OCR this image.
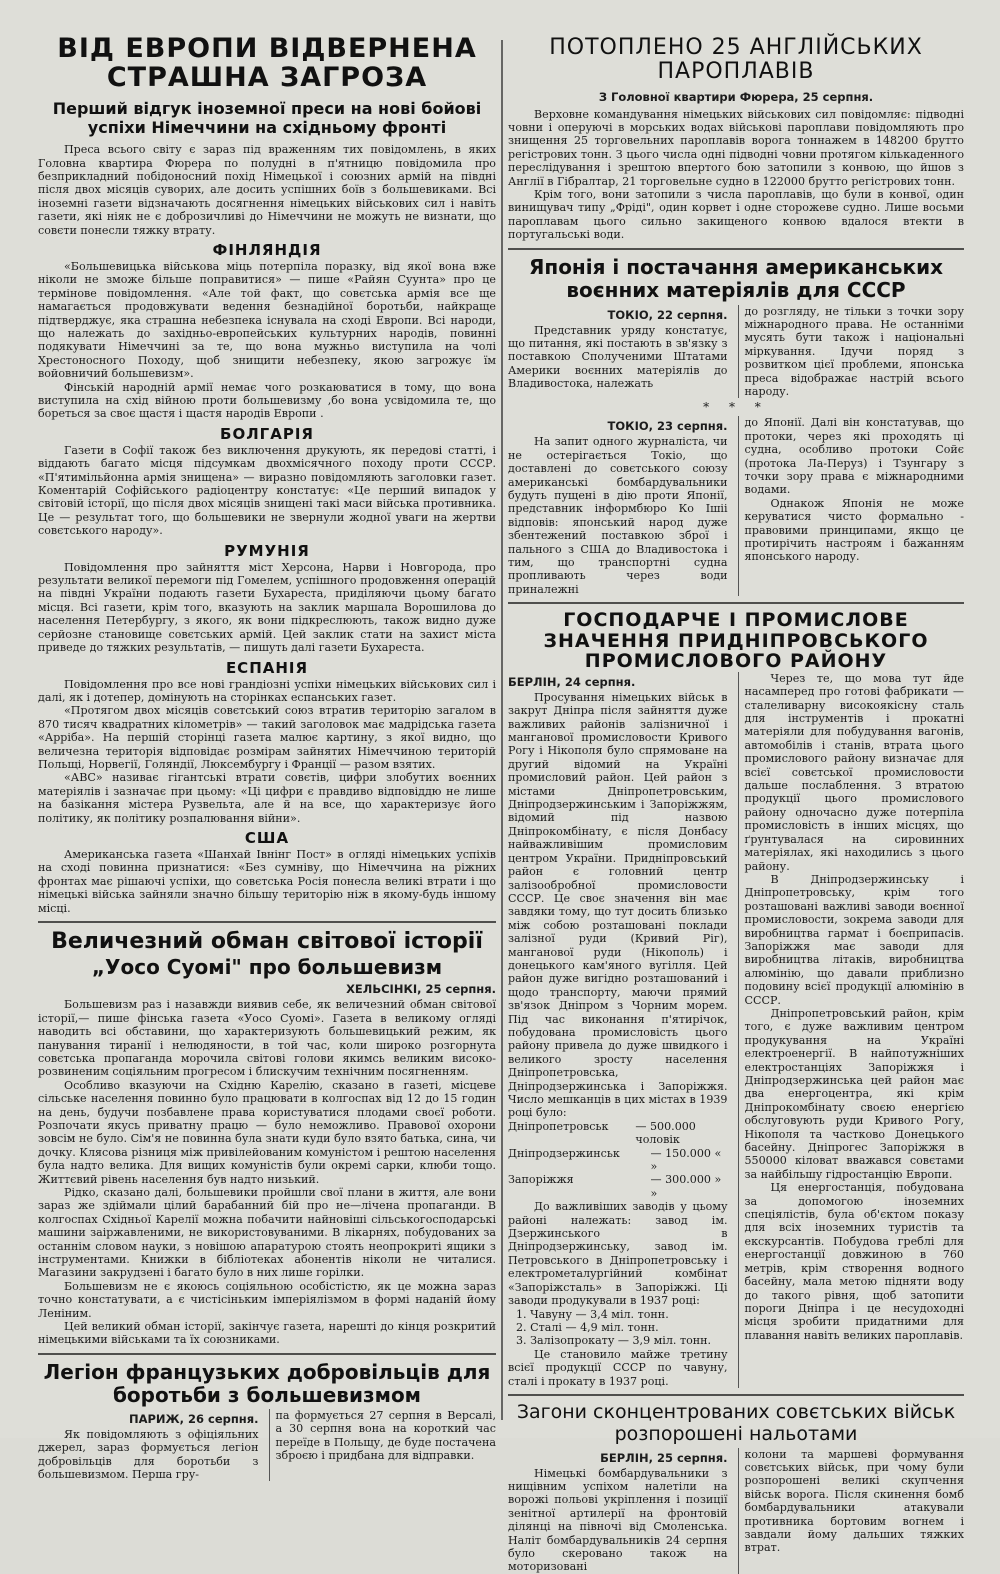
ВІД ЕВРОПИ ВІДВЕРНЕНА СТРАШНА ЗАГРОЗА
Перший відгук іноземної преси на нові бойові успіхи Німеччини на східньому фронті

Преса всього світу є зараз під враженням тих повідомлень, в яких Головна квартира Фюрера по полудні в п'ятницю повідомила про безприкладний побідоносний похід Німецької і союзних армій на півдні після двох місяців суворих, але досить успішних боїв з большевиками. Всі іноземні газети відзначають досягнення німецьких військових сил і навіть газети, які ніяк не є доброзичливі до Німеччини не можуть не визнати, що совєти понесли тяжку втрату.

ФІНЛЯНДІЯ

«Большевицька військова міць потерпіла поразку, від якої вона вже ніколи не зможе більше поправитися» — пише «Райян Суунта» про це термінове повідомлення. «Але той факт, що совєтська армія все ще намагається продовжувати ведення безнадійної боротьби, найкраще підтверджує, яка страшна небезпека існувала на сході Европи. Всі народи, що належать до західньо-европейських культурних народів, повинні подякувати Німеччині за те, що вона мужньо виступила на чолі Хрестоносного Походу, щоб знищити небезпеку, якою загрожує їм войовничий большевизм».

Фінській народній армії немає чого розкаюватися в тому, що вона виступила на схід війною проти большевизму ,бо вона усвідомила те, що бореться за своє щастя і щастя народів Европи .

БОЛГАРІЯ

Газети в Софії також без виключення друкують, як передові статті, і віддають багато місця підсумкам двохмісячного походу проти СССР. «П'ятимільйонна армія знищена» — виразно повідомляють заголовки газет. Коментарій Софійського радіоцентру констатує: «Це перший випадок у світовій історії, що після двох місяців знищені такі маси війська противника. Це — результат того, що большевики не звернули жодної уваги на жертви совєтського народу».

РУМУНІЯ

Повідомлення про зайняття міст Херсона, Нарви і Новгорода, про результати великої перемоги під Гомелем, успішного продовження операцій на півдні України подають газети Бухареста, приділяючи цьому багато місця. Всі газети, крім того, вказують на заклик маршала Ворошилова до населення Петербургу, з якого, як вони підкреслюють, також видно дуже серйозне становище совєтських армій. Цей заклик стати на захист міста приведе до тяжких результатів, — пишуть далі газети Бухареста.

ЕСПАНІЯ

Повідомлення про все нові грандіозні успіхи німецьких військових сил і далі, як і дотепер, домінують на сторінках еспанських газет.

«Протягом двох місяців совєтський союз втратив територію загалом в 870 тисяч квадратних кілометрів» — такий заголовок має мадрідська газета «Арріба». На першій сторінці газета малює картину, з якої видно, що величезна територія відповідає розмірам зайнятих Німеччиною територій Польщі, Норвегії, Голяндії, Люксембургу і Франції — разом взятих.

«АВС» називає гігантські втрати совєтів, цифри злобутих воєнних матеріялів і зазначає при цьому: «Ці цифри є правдиво відповіддю не лише на базікання містера Рузвельта, але й на все, що характеризує його політику, як політику розпалювання війни».

США

Американська газета «Шанхай Івнінг Пост» в огляді німецьких успіхів на сході повинна признатися: «Без сумніву, що Німеччина на ріжних фронтах має рішаючі успіхи, що совєтська Росія понесла великі втрати і що німецькі війська зайняли значно більшу територію ніж в якому-будь іншому місці.

Величезний обман світової історії
„Уосо Суомі" про большевизм
ХЕЛЬСІНКІ, 25 серпня.

Большевизм раз і назавжди виявив себе, як величезний обман світової історії,— пише фінська газета «Уосо Суомі». Газета в великому огляді наводить всі обставини, що характеризують большевицький режим, як панування тиранії і нелюдяности, в той час, коли широко розгорнута совєтська пропаганда морочила світові голови якимсь великим високо-розвиненим соціяльним прогресом і блискучим технічним посягненням.

Особливо вказуючи на Східню Карелію, сказано в газеті, місцеве сільське населення повинно було працювати в колгоспах від 12 до 15 годин на день, будучи позбавлене права користуватися плодами своєї роботи. Розпочати якусь приватну працю — було неможливо. Правової охорони зовсім не було. Сім'я не повинна була знати куди було взято батька, сина, чи дочку. Клясова різниця між привілейованим комуністом і рештою населення була надто велика. Для вищих комуністів були окремі сарки, клюби тощо. Життєвий рівень населення був надто низький.

Рідко, сказано далі, большевики пройшли свої плани в життя, але вони зараз же здіймали цілий барабанний бій про не—лічена пропаганди. В колгоспах Східньої Карелії можна побачити найновіші сільськогосподарські машини заіржавленими, не використовуваними. В лікарнях, побудованих за останнім словом науки, з новішою апаратурою стоять неопрокриті ящики з інструментами. Книжки в бібліотеках абонентів ніколи не читалися. Магазини закрудзені і багато було в них лише горілки.

Большевизм не є якоюсь соціяльною особістістю, як це можна зараз точно констатувати, а є чистісіньким імперіялізмом в формі наданій йому Леніним.

Цей великий обман історії, закінчує газета, нарешті до кінця розкритий німецькими військами та їх союзниками.

Легіон французьких добровільців для боротьби з большевизмом
ПАРИЖ, 26 серпня.

Як повідомляють з офіціяльних джерел, зараз формується легіон добровільців для боротьби з большевизмом. Перша гру-

па формується 27 серпня в Версалі, а 30 серпня вона на короткий час переїде в Польщу, де буде постачена зброєю і придбана для відправки.

ПОТОПЛЕНО 25 АНГЛІЙСЬКИХ ПАРОПЛАВІВ
З Головної квартири Фюрера, 25 серпня.

Верховне командування німецьких військових сил повідомляє: підводні човни і оперуючі в морських водах військові пароплави повідомляють про знищення 25 торговельних пароплавів ворога тоннажем в 148200 брутто регістрових тонн. З цього числа одні підводні човни протягом кількаденного переслідування і зрештою впертого бою затопили з конвою, що йшов з Англії в Гібралтар, 21 торговельне судно в 122000 брутто регістрових тонн.

Крім того, вони затопили з числа пароплавів, що були в конвої, один винищувач типу „Фріді", один корвет і одне сторожеве судно. Лише восьми пароплавам цього сильно закищеного конвою вдалося втекти в португальські води.

Японія і постачання американських воєнних матеріялів для СССР
ТОКІО, 22 серпня.

Представник уряду констатує, що питання, які постають в зв'язку з поставкою Сполученими Штатами Америки воєнних матеріялів до Владивостока, належать

до розгляду, не тільки з точки зору міжнародного права. Не останніми мусять бути також і національні міркування. Ідучи поряд з розвитком цієї проблеми, японська преса відображає настрій всього народу.

* * *
ТОКІО, 23 серпня.

На запит одного журналіста, чи не остерігається Токіо, що доставлені до совєтського союзу американські бомбардувальники будуть пущені в дію проти Японії, представник інформбюро Ко Ішіі відповів: японський народ дуже збентежений поставкою зброї і пального з США до Владивостока і тим, що транспортні судна пропливають через води приналежні

до Японії. Далі він констатував, що протоки, через які проходять ці судна, особливо протоки Сойє (протока Ла-Перуз) і Тзунгару з точки зору права є міжнародними водами.

Однакож Японія не може керуватися чисто формально - правовими принципами, якщо це протирічить настроям і бажанням японського народу.

ГОСПОДАРЧЕ І ПРОМИСЛОВЕ ЗНАЧЕННЯ ПРИДНІПРОВСЬКОГО ПРОМИСЛОВОГО РАЙОНУ
БЕРЛІН, 24 серпня.

Просування німецьких військ в закрут Дніпра після зайняття дуже важливих районів залізничної і манганової промисловости Кривого Рогу і Нікополя було спрямоване на другий відомий на Україні промисловий район. Цей район з містами Дніпропетровським, Дніпродзержинським і Запоріжжям, відомий під назвою Дніпрокомбінату, є після Донбасу найважливішим промисловим центром України. Придніпровський район є головний центр залізообробної промисловости СССР. Це своє значення він має завдяки тому, що тут досить близько між собою розташовані поклади залізної руди (Кривий Ріг), манганової руди (Нікополь) і донецького кам'яного вугілля. Цей район дуже вигідно розташований і щодо транспорту, маючи прямий зв'язок Дніпром з Чорним морем. Під час виконання п'ятирічок, побудована промисловість цього району привела до дуже швидкого і великого зросту населення Дніпропетровська, Дніпродзержинська і Запоріжжя. Число мешканців в цих містах в 1939 році було:

Дніпропетровськ	— 500.000 чоловік
Дніпродзержинськ	— 150.000 « »
Запоріжжя	— 300.000 » »

До важливіших заводів у цьому районі належать: завод ім. Дзержинського в Дніпродзержинську, завод ім. Петровського в Дніпропетровську і електрометалургійний комбінат «Запоріжсталь» в Запоріжжі. Ці заводи продукували в 1937 році:

1. Чавуну — 3,4 міл. тонн.
2. Сталі — 4,9 міл. тонн.
3. Залізопрокату — 3,9 міл. тонн.

Це становило майже третину всієї продукції СССР по чавуну, сталі і прокату в 1937 році.

Через те, що мова тут йде насамперед про готові фабрикати — сталеливарну високоякісну сталь для інструментів і прокатні матеріяли для побудування вагонів, автомобілів і станів, втрата цього промислового району визначає для всієї совєтської промисловости дальше послаблення. З втратою продукції цього промислового району одночасно дуже потерпіла промисловість в інших місцях, що ґрунтувалася на сировинних матеріялах, які находились з цього району.

В Дніпродзержинську і Дніпропетровську, крім того розташовані важливі заводи воєнної промисловости, зокрема заводи для виробництва гармат і боєприпасів. Запоріжжя має заводи для виробництва літаків, виробництва алюмінію, що давали приблизно подовину всієї продукції алюмінію в СССР.

Дніпропетровський район, крім того, є дуже важливим центром продукування на Україні електроенергії. В найпотужніших електростанціях Запоріжжя і Дніпродзержинська цей район має два енергоцентра, які крім Дніпрокомбінату своєю енергією обслуговують руди Кривого Рогу, Нікополя та частково Донецького басейну. Дніпрогес Запоріжжя в 550000 кіловат вважався совєтами за найбільшу гідростанцію Европи.

Ця енергостанція, побудована за допомогою іноземних спеціялістів, була об'єктом показу для всіх іноземних туристів та екскурсантів. Побудова греблі для енергостанції довжиною в 760 метрів, крім створення водного басейну, мала метою підняти воду до такого рівня, щоб затопити пороги Дніпра і це несудоходні місця зробити придатними для плавання навіть великих пароплавів.

Загони сконцентрованих совєтських військ розпорошені нальотами
БЕРЛІН, 25 серпня.

Німецькі бомбардувальники з нищівним успіхом налетіли на ворожі польові укріплення і позиції зенітної артилерії на фронтовій ділянці на півночі від Смоленська. Наліт бомбардувальників 24 серпня було скеровано також на моторизовані

колони та маршеві формування совєтських військ, при чому були розпорошені великі скупчення військ ворога. Після скинення бомб бомбардувальники атакували противника бортовим вогнем і завдали йому дальших тяжких втрат.
